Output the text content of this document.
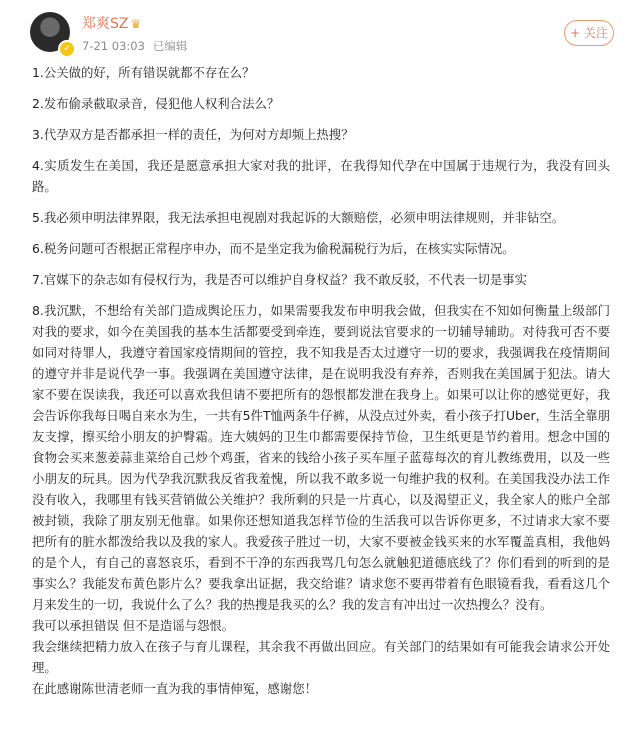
✓
郑爽SZ ♛
7-21 03:03 已编辑
+ 关注

1.公关做的好，所有错误就都不存在么？

2.发布偷录截取录音，侵犯他人权利合法么？

3.代孕双方是否都承担一样的责任，为何对方却频上热搜？

4.实质发生在美国，我还是愿意承担大家对我的批评，在我得知代孕在中国属于违规行为，我没有回头路。

5.我必须申明法律界限，我无法承担电视剧对我起诉的大额赔偿，必须申明法律规则，并非钻空。

6.税务问题可否根据正常程序申办，而不是坐定我为偷税漏税行为后，在核实实际情况。

7.官媒下的杂志如有侵权行为，我是否可以维护自身权益？我不敢反驳，不代表一切是事实

8.我沉默，不想给有关部门造成舆论压力，如果需要我发布申明我会做，但我实在不知如何衡量上级部门对我的要求，如今在美国我的基本生活都要受到牵连，要到说法官要求的一切辅导辅助。对待我可否不要如同对待罪人，我遵守着国家疫情期间的管控，我不知我是否太过遵守一切的要求，我强调我在疫情期间的遵守并非是说代孕一事。我强调在美国遵守法律，是在说明我没有弃养，否则我在美国属于犯法。请大家不要在误读我，我还可以喜欢我但请不要把所有的怨恨都发泄在我身上。如果可以让你的感觉更好，我会告诉你我每日喝自来水为生，一共有5件T恤两条牛仔裤，从没点过外卖，看小孩子打Uber，生活全靠朋友支撑，擦买给小朋友的护臀霜。连大姨妈的卫生巾都需要保持节俭，卫生纸更是节约着用。想念中国的食物会买来葱姜蒜韭菜给自己炒个鸡蛋，省来的钱给小孩子买车厘子蓝莓每次的育儿教练费用，以及一些小朋友的玩具。因为代孕我沉默我反省我羞愧，所以我不敢多说一句维护我的权利。在美国我没办法工作没有收入，我哪里有钱买营销做公关维护？我所剩的只是一片真心，以及渴望正义，我全家人的账户全部被封锁，我除了朋友别无他靠。如果你还想知道我怎样节俭的生活我可以告诉你更多，不过请求大家不要把所有的脏水都泼给我以及我的家人。我爱孩子胜过一切，大家不要被金钱买来的水军覆盖真相，我他妈的是个人，有自己的喜怒哀乐，看到不干净的东西我骂几句怎么就触犯道德底线了？你们看到的听到的是事实么？我能发布黄色影片么？要我拿出证据，我交给谁？请求您不要再带着有色眼镜看我，看看这几个月来发生的一切，我说什么了么？我的热搜是我买的么？我的发言有冲出过一次热搜么？没有。

我可以承担错误 但不是造谣与怨恨。

我会继续把精力放入在孩子与育儿课程，其余我不再做出回应。有关部门的结果如有可能我会请求公开处理。

在此感谢陈世清老师一直为我的事情伸冤，感谢您！
